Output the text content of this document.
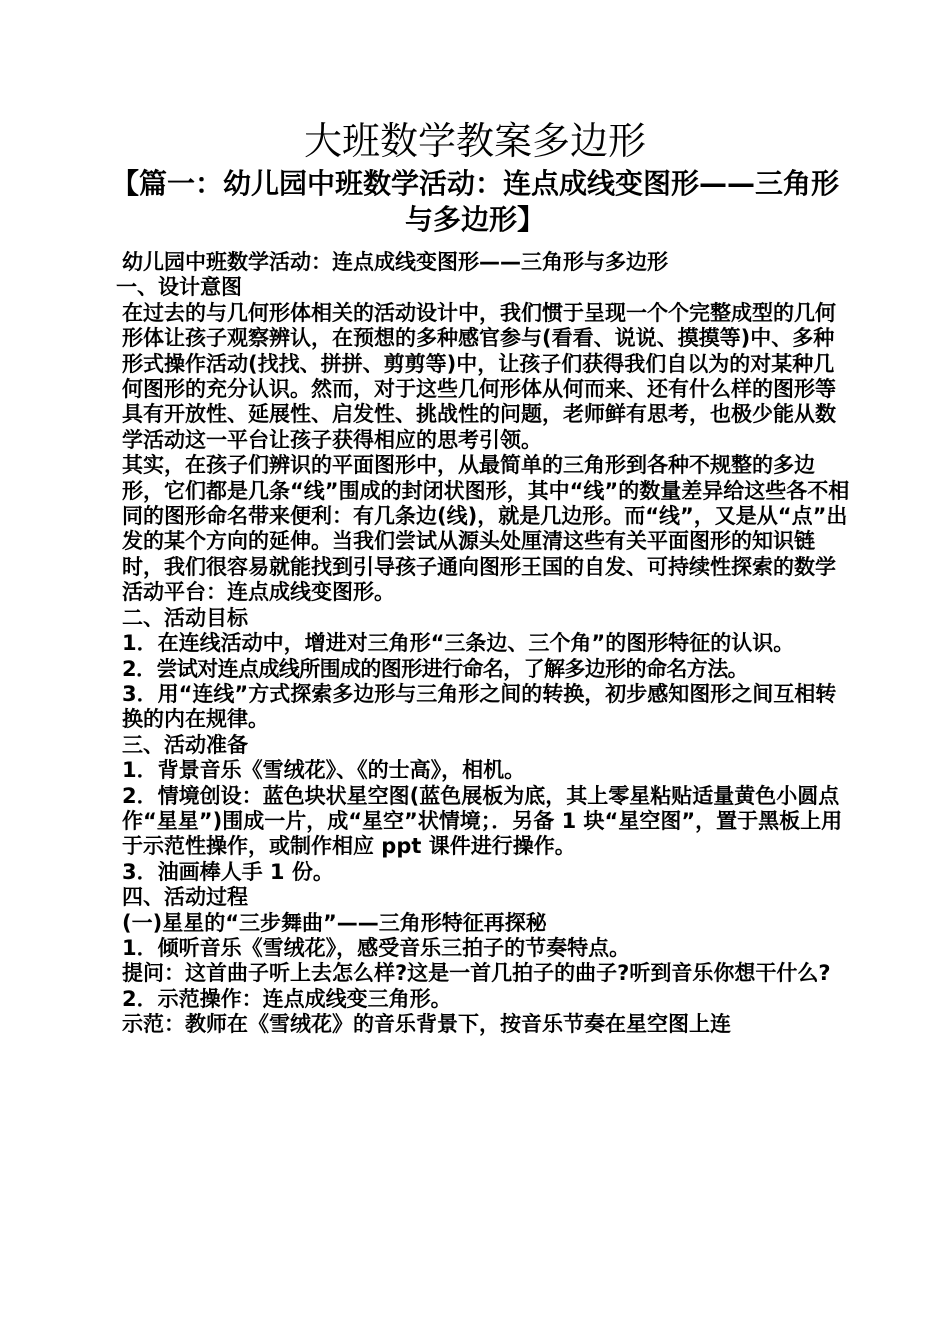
大班数学教案多边形
【篇一：幼儿园中班数学活动：连点成线变图形——三角形与多边形】

幼儿园中班数学活动：连点成线变图形——三角形与多边形

一、设计意图

在过去的与几何形体相关的活动设计中，我们惯于呈现一个个完整成型的几何形体让孩子观察辨认，在预想的多种感官参与(看看、说说、摸摸等)中、多种形式操作活动(找找、拼拼、剪剪等)中，让孩子们获得我们自以为的对某种几何图形的充分认识。然而，对于这些几何形体从何而来、还有什么样的图形等具有开放性、延展性、启发性、挑战性的问题，老师鲜有思考，也极少能从数学活动这一平台让孩子获得相应的思考引领。

其实，在孩子们辨识的平面图形中，从最简单的三角形到各种不规整的多边形，它们都是几条“线”围成的封闭状图形，其中“线”的数量差异给这些各不相同的图形命名带来便利：有几条边(线)，就是几边形。而“线”，又是从“点”出发的某个方向的延伸。当我们尝试从源头处厘清这些有关平面图形的知识链时，我们很容易就能找到引导孩子通向图形王国的自发、可持续性探索的数学活动平台：连点成线变图形。

二、活动目标

1．在连线活动中，增进对三角形“三条边、三个角”的图形特征的认识。

2．尝试对连点成线所围成的图形进行命名，了解多边形的命名方法。

3．用“连线”方式探索多边形与三角形之间的转换，初步感知图形之间互相转换的内在规律。

三、活动准备

1．背景音乐《雪绒花》、《的士高》，相机。

2．情境创设：蓝色块状星空图(蓝色展板为底，其上零星粘贴适量黄色小圆点作“星星”)围成一片，成“星空”状情境；．另备 1 块“星空图”，置于黑板上用于示范性操作，或制作相应 ppt 课件进行操作。

3．油画棒人手 1 份。

四、活动过程

(一)星星的“三步舞曲”——三角形特征再探秘

1．倾听音乐《雪绒花》，感受音乐三拍子的节奏特点。

提问：这首曲子听上去怎么样?这是一首几拍子的曲子?听到音乐你想干什么?

2．示范操作：连点成线变三角形。

示范：教师在《雪绒花》的音乐背景下，按音乐节奏在星空图上连
